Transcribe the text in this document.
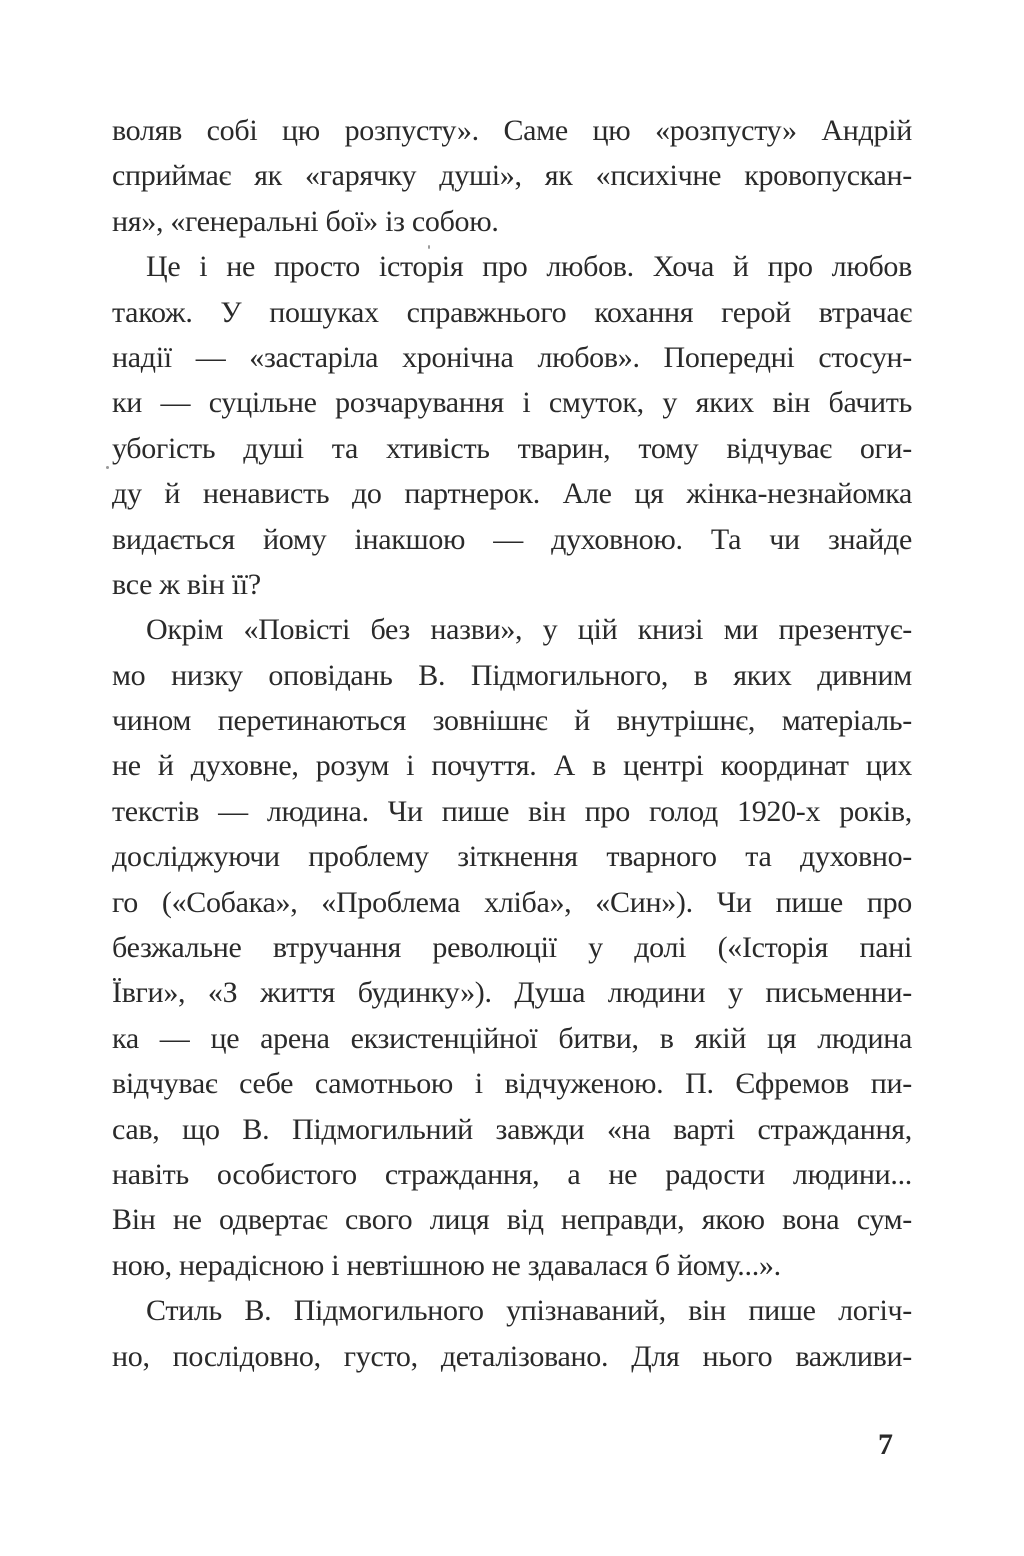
воляв собі цю розпусту». Саме цю «розпусту» Андрій
сприймає як «гарячку душі», як «психічне кровопускан-
ня», «генеральні бої» із собою.
Це і не просто історія про любов. Хоча й про любов
також. У пошуках справжнього кохання герой втрачає
надії — «застаріла хронічна любов». Попередні стосун-
ки — суцільне розчарування і смуток, у яких він бачить
убогість душі та хтивість тварин, тому відчуває оги-
ду й ненависть до партнерок. Але ця жінка-незнайомка
видається йому інакшою — духовною. Та чи знайде
все ж він її?
Окрім «Повісті без назви», у цій книзі ми презентує-
мо низку оповідань В. Підмогильного, в яких дивним
чином перетинаються зовнішнє й внутрішнє, матеріаль-
не й духовне, розум і почуття. А в центрі координат цих
текстів — людина. Чи пише він про голод 1920-х років,
досліджуючи проблему зіткнення тварного та духовно-
го («Собака», «Проблема хліба», «Син»). Чи пише про
безжальне втручання революції у долі («Історія пані
Ївги», «З життя будинку»). Душа людини у письменни-
ка — це арена екзистенційної битви, в якій ця людина
відчуває себе самотньою і відчуженою. П. Єфремов пи-
сав, що В. Підмогильний завжди «на варті страждання,
навіть особистого страждання, а не радости людини...
Він не одвертає свого лиця від неправди, якою вона сум-
ною, нерадісною і невтішною не здавалася б йому...».
Стиль В. Підмогильного упізнаваний, він пише логіч-
но, послідовно, густо, деталізовано. Для нього важливи-
7
